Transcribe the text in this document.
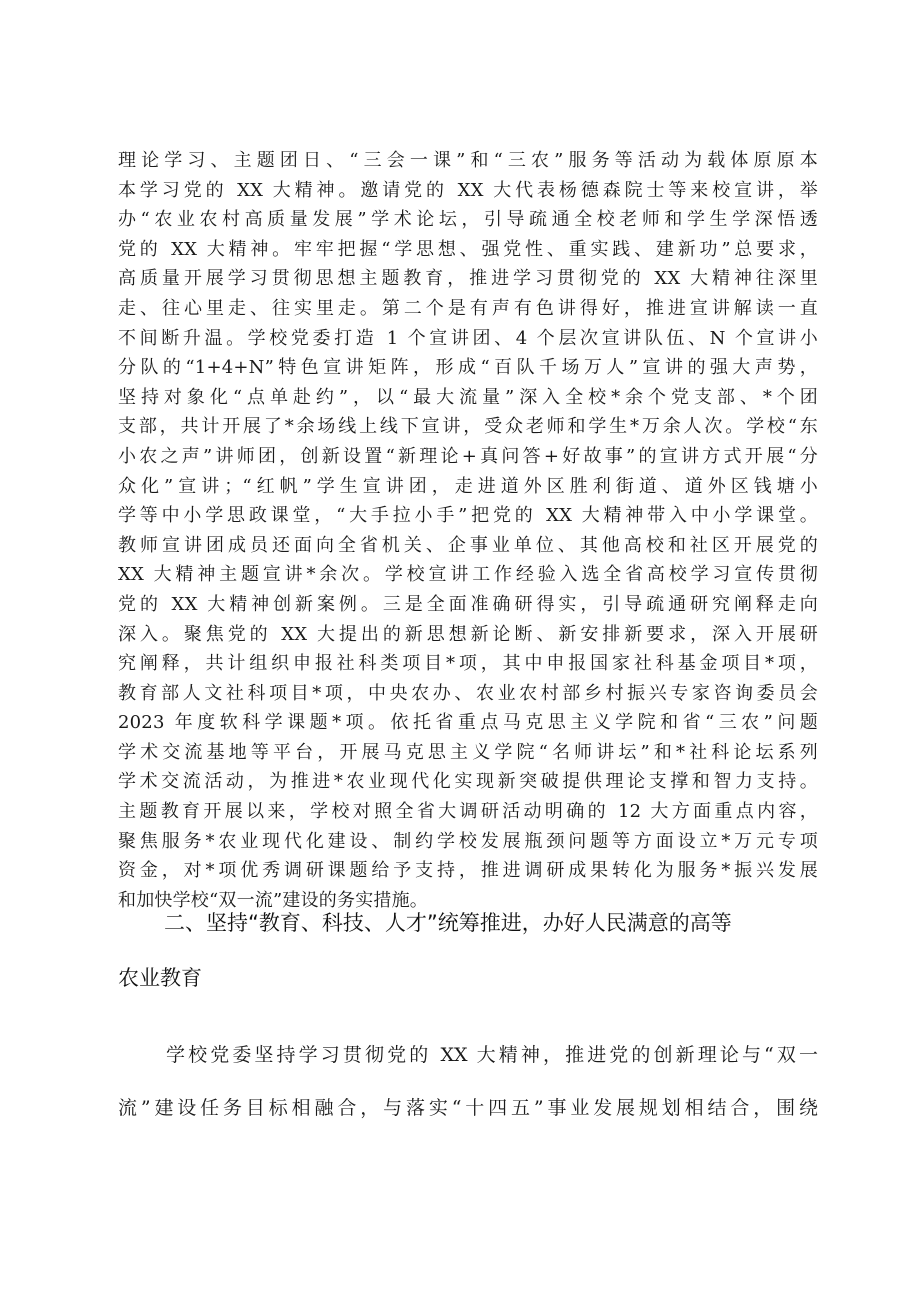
理论学习、主题团日、“三会一课”和“三农”服务等活动为载体原原本
本学习党的 XX 大精神。邀请党的 XX 大代表杨德森院士等来校宣讲，举
办“农业农村高质量发展”学术论坛，引导疏通全校老师和学生学深悟透
党的 XX 大精神。牢牢把握“学思想、强党性、重实践、建新功”总要求，
高质量开展学习贯彻思想主题教育，推进学习贯彻党的 XX 大精神往深里
走、往心里走、往实里走。第二个是有声有色讲得好，推进宣讲解读一直
不间断升温。学校党委打造 1 个宣讲团、4 个层次宣讲队伍、N 个宣讲小
分队的“1+4+N”特色宣讲矩阵，形成“百队千场万人”宣讲的强大声势，
坚持对象化“点单赴约”，以“最大流量”深入全校*余个党支部、*个团
支部，共计开展了*余场线上线下宣讲，受众老师和学生*万余人次。学校“东
小农之声”讲师团，创新设置“新理论+真问答+好故事”的宣讲方式开展“分
众化”宣讲；“红帆”学生宣讲团，走进道外区胜利街道、道外区钱塘小
学等中小学思政课堂，“大手拉小手”把党的 XX 大精神带入中小学课堂。
教师宣讲团成员还面向全省机关、企事业单位、其他高校和社区开展党的
XX 大精神主题宣讲*余次。学校宣讲工作经验入选全省高校学习宣传贯彻
党的 XX 大精神创新案例。三是全面准确研得实，引导疏通研究阐释走向
深入。聚焦党的 XX 大提出的新思想新论断、新安排新要求，深入开展研
究阐释，共计组织申报社科类项目*项，其中申报国家社科基金项目*项，
教育部人文社科项目*项，中央农办、农业农村部乡村振兴专家咨询委员会
2023 年度软科学课题*项。依托省重点马克思主义学院和省“三农”问题
学术交流基地等平台，开展马克思主义学院“名师讲坛”和*社科论坛系列
学术交流活动，为推进*农业现代化实现新突破提供理论支撑和智力支持。
主题教育开展以来，学校对照全省大调研活动明确的 12 大方面重点内容，
聚焦服务*农业现代化建设、制约学校发展瓶颈问题等方面设立*万元专项
资金，对*项优秀调研课题给予支持，推进调研成果转化为服务*振兴发展
和加快学校“双一流”建设的务实措施。
二、坚持“教育、科技、人才”统筹推进，办好人民满意的高等
农业教育
学校党委坚持学习贯彻党的 XX 大精神，推进党的创新理论与“双一
流”建设任务目标相融合，与落实“十四五”事业发展规划相结合，围绕
